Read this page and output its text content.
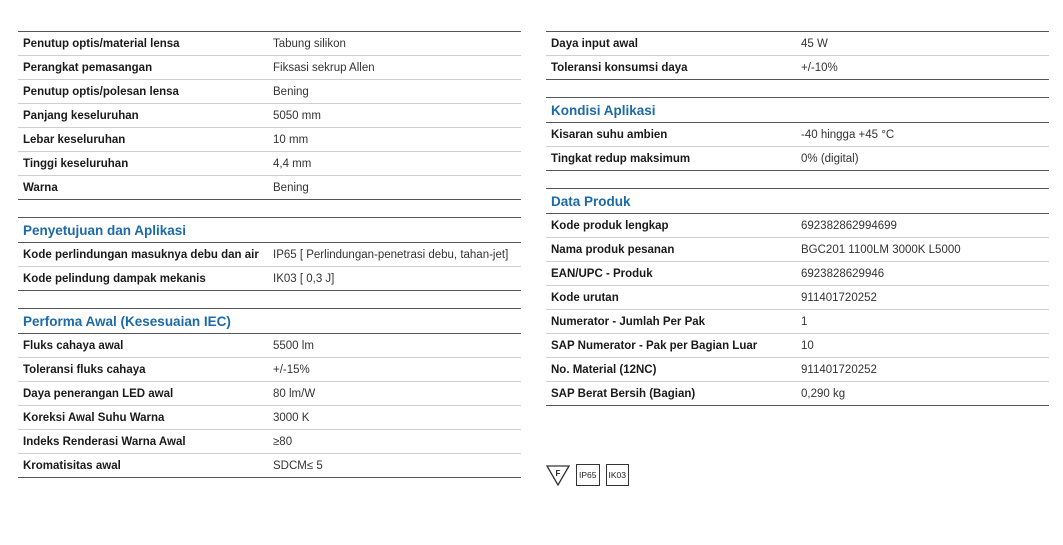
Penutup optis/material lensa	Tabung silikon
Perangkat pemasangan	Fiksasi sekrup Allen
Penutup optis/polesan lensa	Bening
Panjang keseluruhan	5050 mm
Lebar keseluruhan	10 mm
Tinggi keseluruhan	4,4 mm
Warna	Bening
Penyetujuan dan Aplikasi
Kode perlindungan masuknya debu dan air	IP65 [ Perlindungan-penetrasi debu, tahan-jet]
Kode pelindung dampak mekanis	IK03 [ 0,3 J]
Performa Awal (Kesesuaian IEC)
Fluks cahaya awal	5500 lm
Toleransi fluks cahaya	+/-15%
Daya penerangan LED awal	80 lm/W
Koreksi Awal Suhu Warna	3000 K
Indeks Renderasi Warna Awal	≥80
Kromatisitas awal	SDCM≤ 5
Daya input awal	45 W
Toleransi konsumsi daya	+/-10%
Kondisi Aplikasi
Kisaran suhu ambien	-40 hingga +45 °C
Tingkat redup maksimum	0% (digital)
Data Produk
Kode produk lengkap	692382862994699
Nama produk pesanan	BGC201 1100LM 3000K L5000
EAN/UPC - Produk	6923828629946
Kode urutan	911401720252
Numerator - Jumlah Per Pak	1
SAP Numerator - Pak per Bagian Luar	10
No. Material (12NC)	911401720252
SAP Berat Bersih (Bagian)	0,290 kg
F	IP65	IK03
